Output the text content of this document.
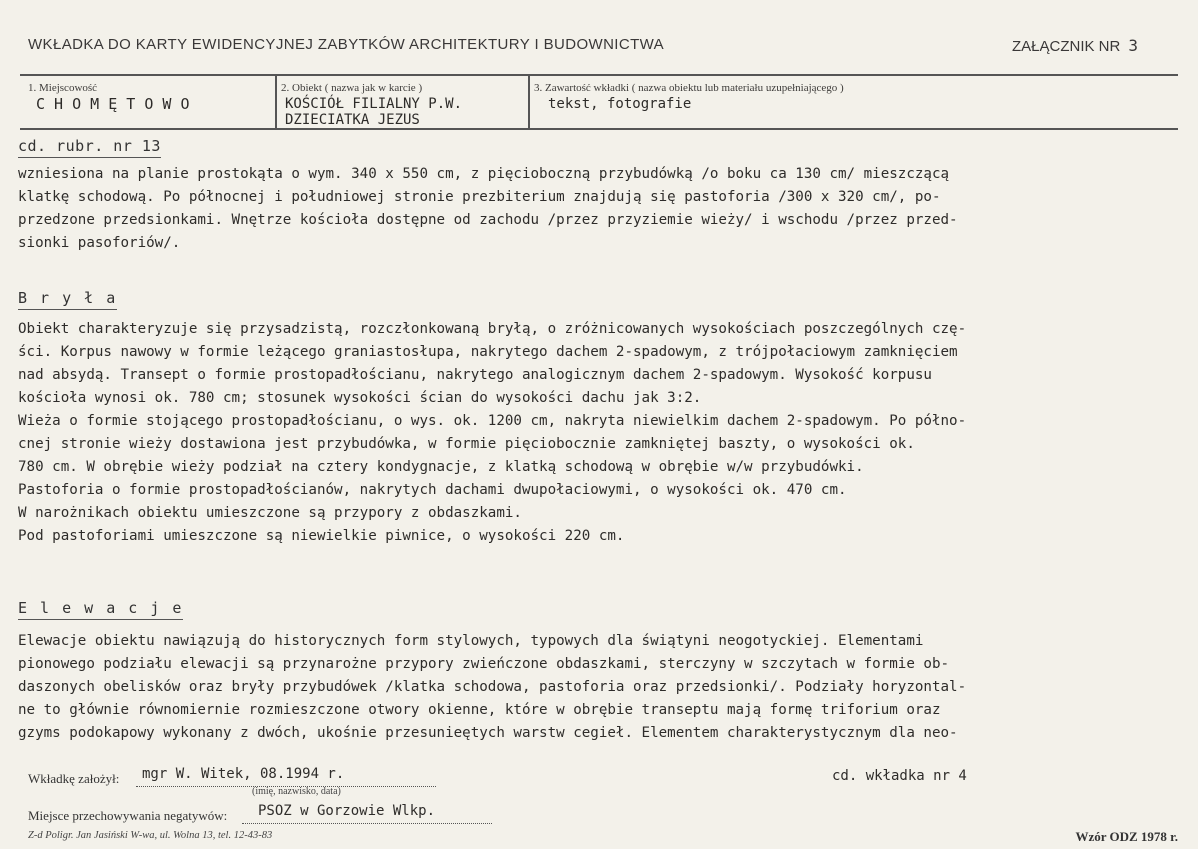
WKŁADKA DO KARTY EWIDENCYJNEJ ZABYTKÓW ARCHITEKTURY I BUDOWNICTWA	ZAŁĄCZNIK NR 3
1. Miejscowość
C H O M Ę T O W O
2. Obiekt ( nazwa jak w karcie )
KOŚCIÓŁ FILIALNY P.W.
DZIECIATKA JEZUS
3. Zawartość wkładki ( nazwa obiektu lub materiału uzupełniającego )
tekst, fotografie
cd. rubr. nr 13
wzniesiona na planie prostokąta o wym. 340 x 550 cm, z pięcioboczną przybudówką /o boku ca 130 cm/ mieszczącą
klatkę schodową. Po północnej i południowej stronie prezbiterium znajdują się pastoforia /300 x 320 cm/, po-
przedzone przedsionkami. Wnętrze kościoła dostępne od zachodu /przez przyziemie wieży/ i wschodu /przez przed-
sionki pasoforiów/.
B r y ł a
Obiekt charakteryzuje się przysadzistą, rozczłonkowaną bryłą, o zróżnicowanych wysokościach poszczególnych czę-
ści. Korpus nawowy w formie leżącego graniastosłupa, nakrytego dachem 2-spadowym, z trójpołaciowym zamknięciem
nad absydą. Transept o formie prostopadłościanu, nakrytego analogicznym dachem 2-spadowym. Wysokość korpusu
kościoła wynosi ok. 780 cm; stosunek wysokości ścian do wysokości dachu jak 3:2.
Wieża o formie stojącego prostopadłościanu, o wys. ok. 1200 cm, nakryta niewielkim dachem 2-spadowym. Po półno-
cnej stronie wieży dostawiona jest przybudówka, w formie pięciobocznie zamkniętej baszty, o wysokości ok.
780 cm. W obrębie wieży podział na cztery kondygnacje, z klatką schodową w obrębie w/w przybudówki.
Pastoforia o formie prostopadłościanów, nakrytych dachami dwupołaciowymi, o wysokości ok. 470 cm.
W narożnikach obiektu umieszczone są przypory z obdaszkami.
Pod pastoforiami umieszczone są niewielkie piwnice, o wysokości 220 cm.
E l e w a c j e
Elewacje obiektu nawiązują do historycznych form stylowych, typowych dla świątyni neogotyckiej. Elementami
pionowego podziału elewacji są przynarożne przypory zwieńczone obdaszkami, sterczyny w szczytach w formie ob-
daszonych obelisków oraz bryły przybudówek /klatka schodowa, pastoforia oraz przedsionki/. Podziały horyzontal-
ne to głównie równomiernie rozmieszczone otwory okienne, które w obrębie transeptu mają formę triforium oraz
gzyms podokapowy wykonany z dwóch, ukośnie przesunieętych warstw cegieł. Elementem charakterystycznym dla neo-
Wkładkę założył: mgr W. Witek, 08.1994 r.
(imię, nazwisko, data)
cd. wkładka nr 4
Miejsce przechowywania negatywów: PSOZ w Gorzowie Wlkp.
Z-d Poligr. Jan Jasiński W-wa, ul. Wolna 13, tel. 12-43-83	Wzór ODZ 1978 r.
